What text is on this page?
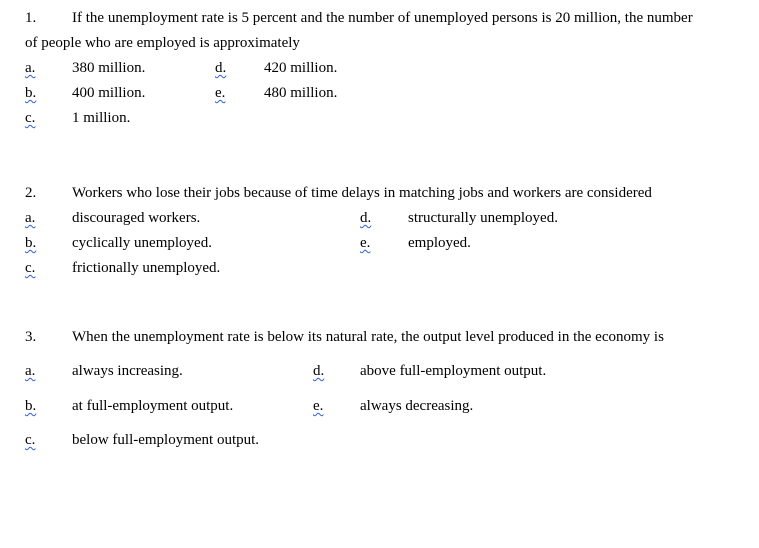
1. If the unemployment rate is 5 percent and the number of unemployed persons is 20 million, the number
of people who are employed is approximately
a. 380 million.	d.	420 million.
b. 400 million.	e.	480 million.
c. 1 million.
2. Workers who lose their jobs because of time delays in matching jobs and workers are considered
a. discouraged workers.	d. structurally unemployed.
b. cyclically unemployed.	e.	employed.
c. frictionally unemployed.
3. When the unemployment rate is below its natural rate, the output level produced in the economy is
a. always increasing.	d. above full-employment output.
b. at full-employment output.	e. always decreasing.
c. below full-employment output.
